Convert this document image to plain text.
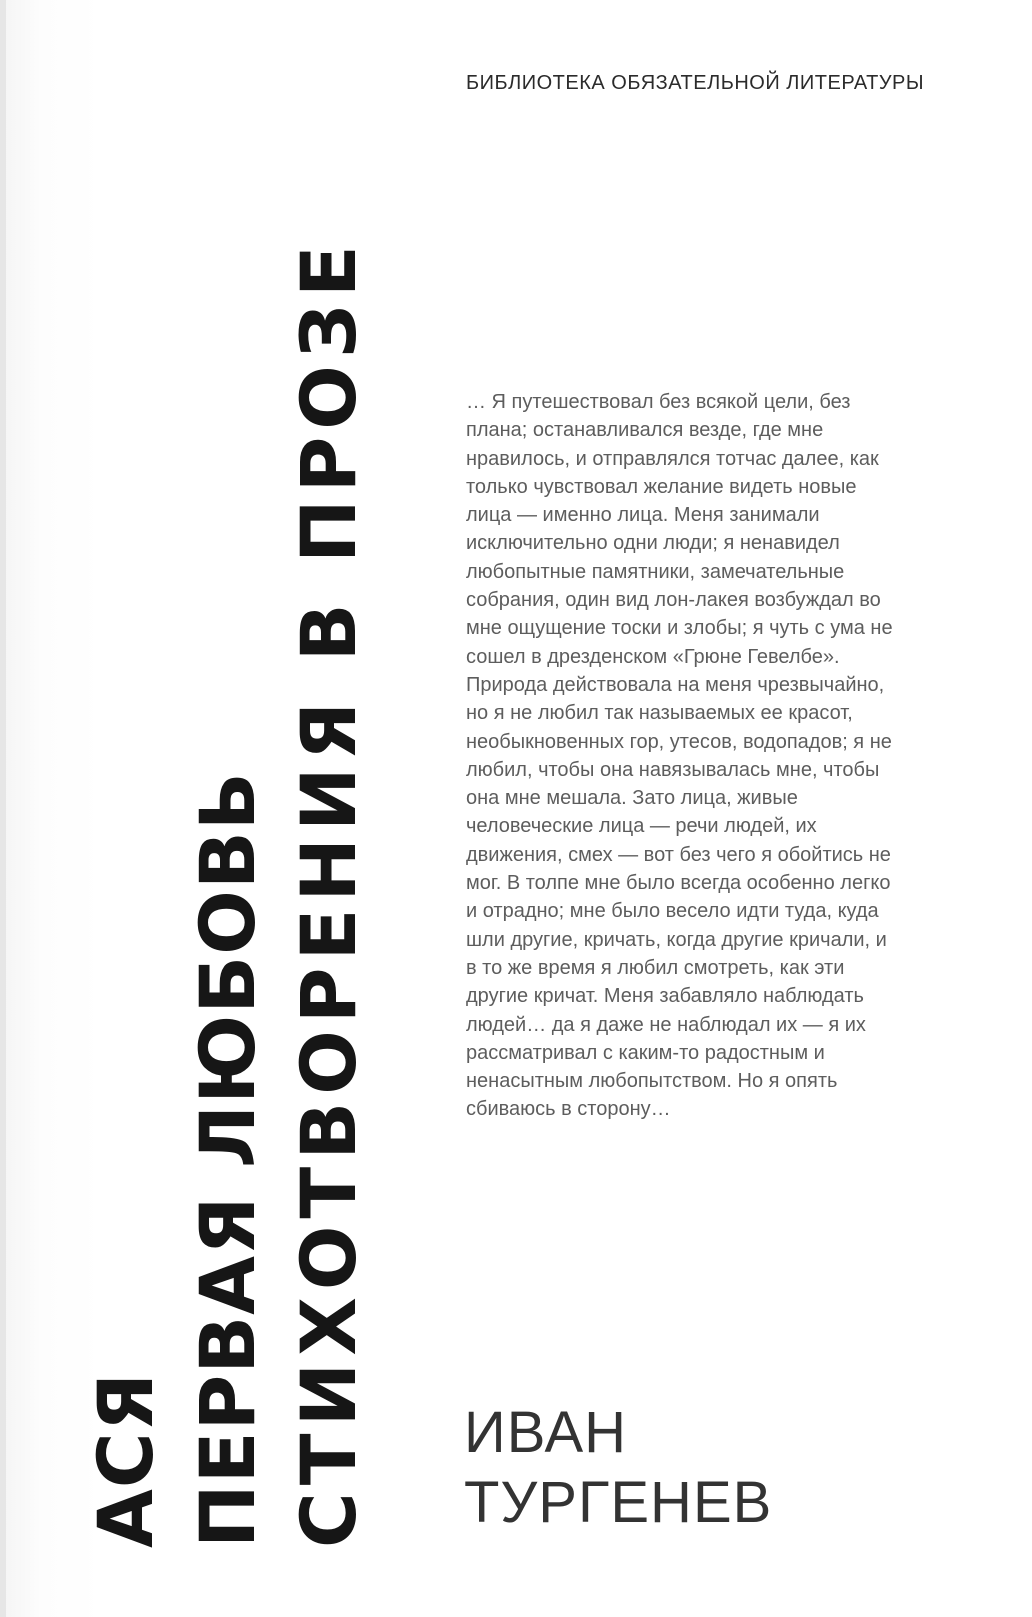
АСЯ ПЕРВАЯ ЛЮБОВЬ СТИХОТВОРЕНИЯ В ПРОЗЕ
БИБЛИОТЕКА ОБЯЗАТЕЛЬНОЙ ЛИТЕРАТУРЫ
… Я путешествовал без всякой цели, без
плана; останавливался везде, где мне
нравилось, и отправлялся тотчас далее, как
только чувствовал желание видеть новые
лица — именно лица. Меня занимали
исключительно одни люди; я ненавидел
любопытные памятники, замечательные
собрания, один вид лон-лакея возбуждал во
мне ощущение тоски и злобы; я чуть с ума не
сошел в дрезденском «Грюне Гевелбе».
Природа действовала на меня чрезвычайно,
но я не любил так называемых ее красот,
необыкновенных гор, утесов, водопадов; я не
любил, чтобы она навязывалась мне, чтобы
она мне мешала. Зато лица, живые
человеческие лица — речи людей, их
движения, смех — вот без чего я обойтись не
мог. В толпе мне было всегда особенно легко
и отрадно; мне было весело идти туда, куда
шли другие, кричать, когда другие кричали, и
в то же время я любил смотреть, как эти
другие кричат. Меня забавляло наблюдать
людей… да я даже не наблюдал их — я их
рассматривал с каким-то радостным и
ненасытным любопытством. Но я опять
сбиваюсь в сторону…
ИВАН
ТУРГЕНЕВ
